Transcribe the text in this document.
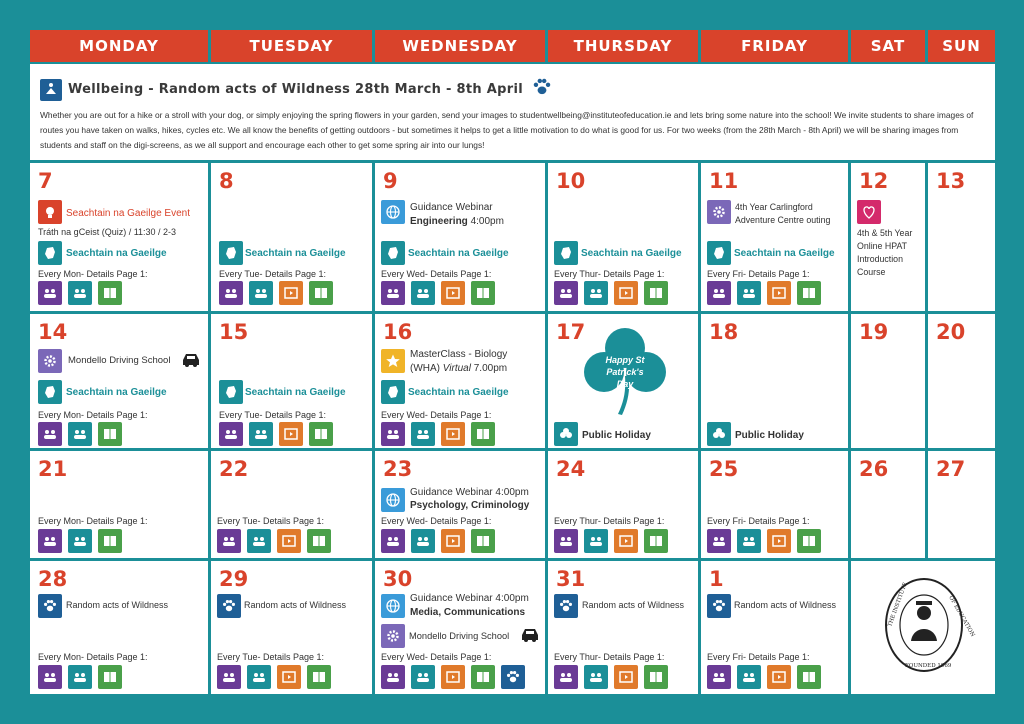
MONDAY	TUESDAY	WEDNESDAY	THURSDAY	FRIDAY	SAT	SUN
Wellbeing - Random acts of Wildness 28th March - 8th April
Whether you are out for a hike or a stroll with your dog, or simply enjoying the spring flowers in your garden, send your images to studentwellbeing@instituteofeducation.ie and lets bring some nature into the school! We invite students to share images of routes you have taken on walks, hikes, cycles etc. We all know the benefits of getting outdoors - but sometimes it helps to get a little motivation to do what is good for us. For two weeks (from the 28th March - 8th April) we will be sharing images from students and staff on the digi-screens, as we all support and encourage each other to get some spring air into our lungs!
7
Seachtain na Gaeilge Event
Tráth na gCeist (Quiz) / 11:30 / 2-3
Seachtain na Gaeilge
Every Mon- Details Page 1:
8
Seachtain na Gaeilge
Every Tue- Details Page 1:
9
Guidance Webinar
Engineering 4:00pm
Seachtain na Gaeilge
Every Wed- Details Page 1:
10
Seachtain na Gaeilge
Every Thur- Details Page 1:
11
4th Year Carlingford Adventure Centre outing
Seachtain na Gaeilge
Every Fri- Details Page 1:
12
4th & 5th Year Online HPAT Introduction Course
13
14
Mondello Driving School
Seachtain na Gaeilge
Every Mon- Details Page 1:
15
Seachtain na Gaeilge
Every Tue- Details Page 1:
16
MasterClass - Biology
(WHA) Virtual 7.00pm
Seachtain na Gaeilge
Every Wed- Details Page 1:
17
Happy St Patrick's Day
Public Holiday
18
Public Holiday
19 20
21
Every Mon- Details Page 1:
22
Every Tue- Details Page 1:
23
Guidance Webinar 4:00pm
Psychology, Criminology
Every Wed- Details Page 1:
24
Every Thur- Details Page 1:
25
Every Fri- Details Page 1:
26 27
28
Random acts of Wildness
Every Mon- Details Page 1:
29
Random acts of Wildness
Every Tue- Details Page 1:
30
Guidance Webinar 4:00pm
Media, Communications
Mondello Driving School
Every Wed- Details Page 1:
31
Random acts of Wildness
Every Thur- Details Page 1:
1
Random acts of Wildness
Every Fri- Details Page 1:
THE INSTITUTE	OF EDUCATION
FOUNDED 1969
